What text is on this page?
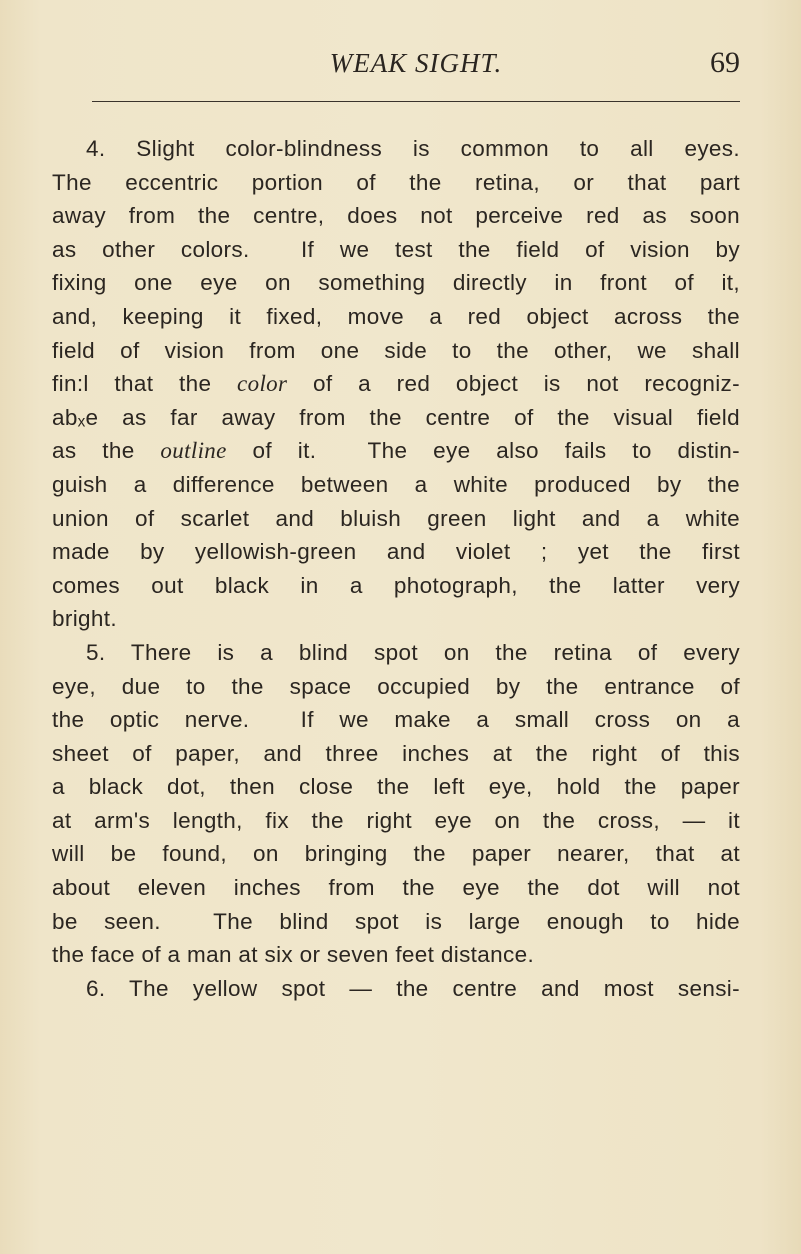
WEAK SIGHT.	69
4. Slight color-blindness is common to all eyes.
The eccentric portion of the retina, or that part
away from the centre, does not perceive red as soon
as other colors.  If we test the field of vision by
fixing one eye on something directly in front of it,
and, keeping it fixed, move a red object across the
field of vision from one side to the other, we shall
fin:l that the color of a red object is not recogniz-
abₓe as far away from the centre of the visual field
as the outline of it.  The eye also fails to distin-
guish a difference between a white produced by the
union of scarlet and bluish green light and a white
made by yellowish-green and violet ; yet the first
comes out black in a photograph, the latter very
bright.
5. There is a blind spot on the retina of every
eye, due to the space occupied by the entrance of
the optic nerve.  If we make a small cross on a
sheet of paper, and three inches at the right of this
a black dot, then close the left eye, hold the paper
at arm's length, fix the right eye on the cross, — it
will be found, on bringing the paper nearer, that at
about eleven inches from the eye the dot will not
be seen.  The blind spot is large enough to hide
the face of a man at six or seven feet distance.
6. The yellow spot — the centre and most sensi-
